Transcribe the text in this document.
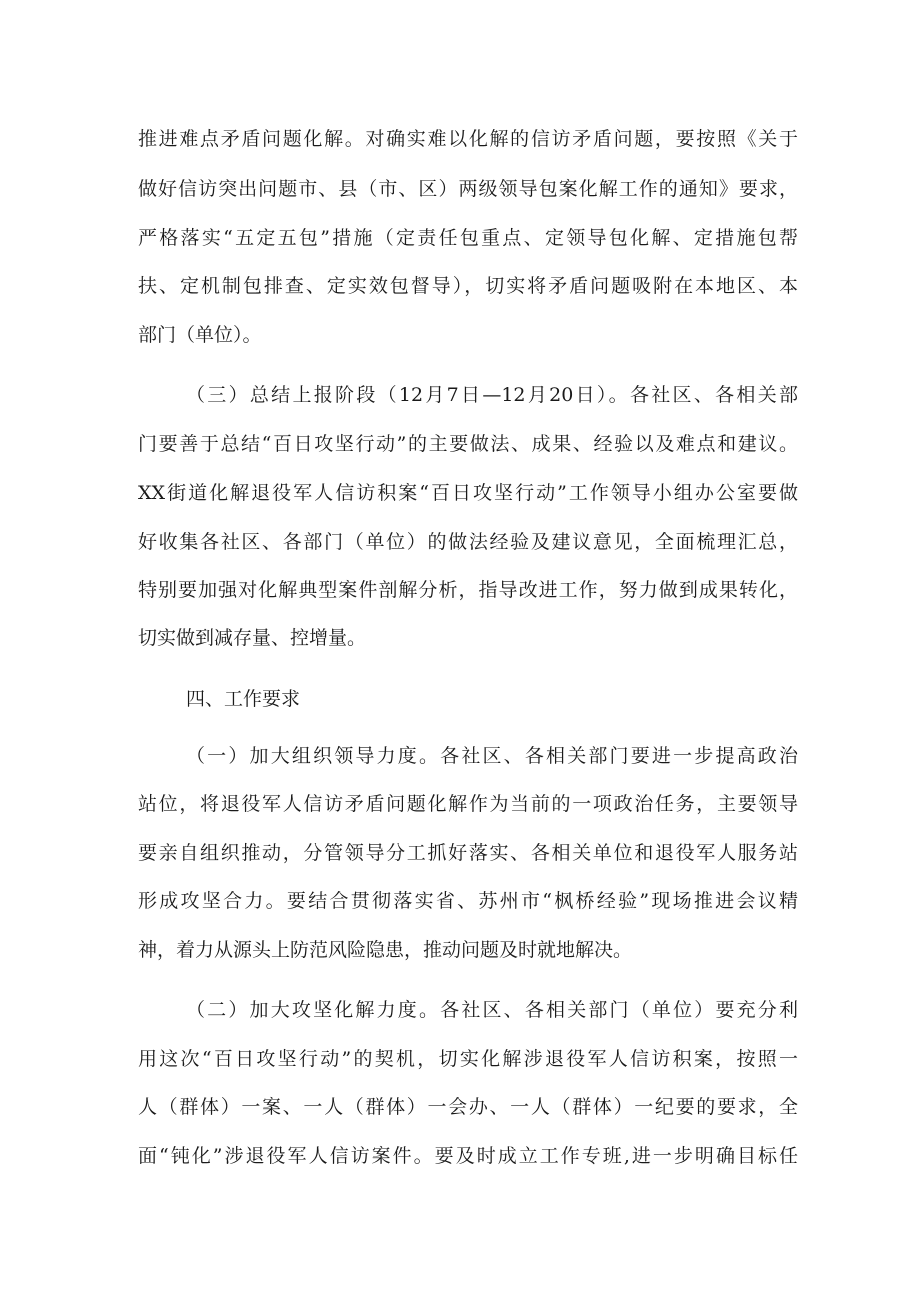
推进难点矛盾问题化解。对确实难以化解的信访矛盾问题，要按照《关于

做好信访突出问题市、县（市、区）两级领导包案化解工作的通知》要求，

严格落实“五定五包”措施（定责任包重点、定领导包化解、定措施包帮

扶、定机制包排查、定实效包督导），切实将矛盾问题吸附在本地区、本

部门（单位）。

（三）总结上报阶段（12月7日—12月20日）。各社区、各相关部

门要善于总结“百日攻坚行动”的主要做法、成果、经验以及难点和建议。

XX街道化解退役军人信访积案“百日攻坚行动”工作领导小组办公室要做

好收集各社区、各部门（单位）的做法经验及建议意见，全面梳理汇总，

特别要加强对化解典型案件剖解分析，指导改进工作，努力做到成果转化，

切实做到减存量、控增量。

四、工作要求

（一）加大组织领导力度。各社区、各相关部门要进一步提高政治

站位，将退役军人信访矛盾问题化解作为当前的一项政治任务，主要领导

要亲自组织推动，分管领导分工抓好落实、各相关单位和退役军人服务站

形成攻坚合力。要结合贯彻落实省、苏州市“枫桥经验”现场推进会议精

神，着力从源头上防范风险隐患，推动问题及时就地解决。

（二）加大攻坚化解力度。各社区、各相关部门（单位）要充分利

用这次“百日攻坚行动”的契机，切实化解涉退役军人信访积案，按照一

人（群体）一案、一人（群体）一会办、一人（群体）一纪要的要求，全

面“钝化”涉退役军人信访案件。要及时成立工作专班,进一步明确目标任
